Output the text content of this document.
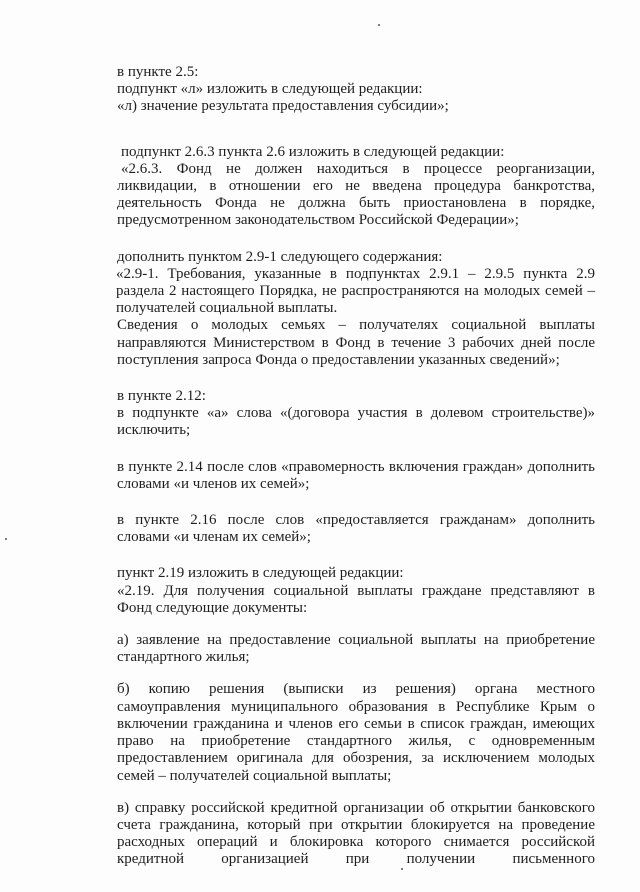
в пункте 2.5:

подпункт «л» изложить в следующей редакции:

«л) значение результата предоставления субсидии»;

подпункт 2.6.3 пункта 2.6 изложить в следующей редакции:

«2.6.3. Фонд не должен находиться в процессе реорганизации, ликвидации, в отношении его не введена процедура банкротства, деятельность Фонда не должна быть приостановлена в порядке, предусмотренном законодательством Российской Федерации»;

дополнить пунктом 2.9-1 следующего содержания:

«2.9-1. Требования, указанные в подпунктах 2.9.1 – 2.9.5 пункта 2.9 раздела 2 настоящего Порядка, не распространяются на молодых семей – получателей социальной выплаты.

Сведения о молодых семьях – получателях социальной выплаты направляются Министерством в Фонд в течение 3 рабочих дней после поступления запроса Фонда о предоставлении указанных сведений»;

в пункте 2.12:

в подпункте «а» слова «(договора участия в долевом строительстве)» исключить;

в пункте 2.14 после слов «правомерность включения граждан» дополнить словами «и членов их семей»;

в пункте 2.16 после слов «предоставляется гражданам» дополнить словами «и членам их семей»;

пункт 2.19 изложить в следующей редакции:

«2.19. Для получения социальной выплаты граждане представляют в Фонд следующие документы:

а) заявление на предоставление социальной выплаты на приобретение стандартного жилья;

б) копию решения (выписки из решения) органа местного самоуправления муниципального образования в Республике Крым о включении гражданина и членов его семьи в список граждан, имеющих право на приобретение стандартного жилья, с одновременным предоставлением оригинала для обозрения, за исключением молодых семей – получателей социальной выплаты;

в) справку российской кредитной организации об открытии банковского счета гражданина, который при открытии блокируется на проведение расходных операций и блокировка которого снимается российской кредитной организацией при получении письменного
